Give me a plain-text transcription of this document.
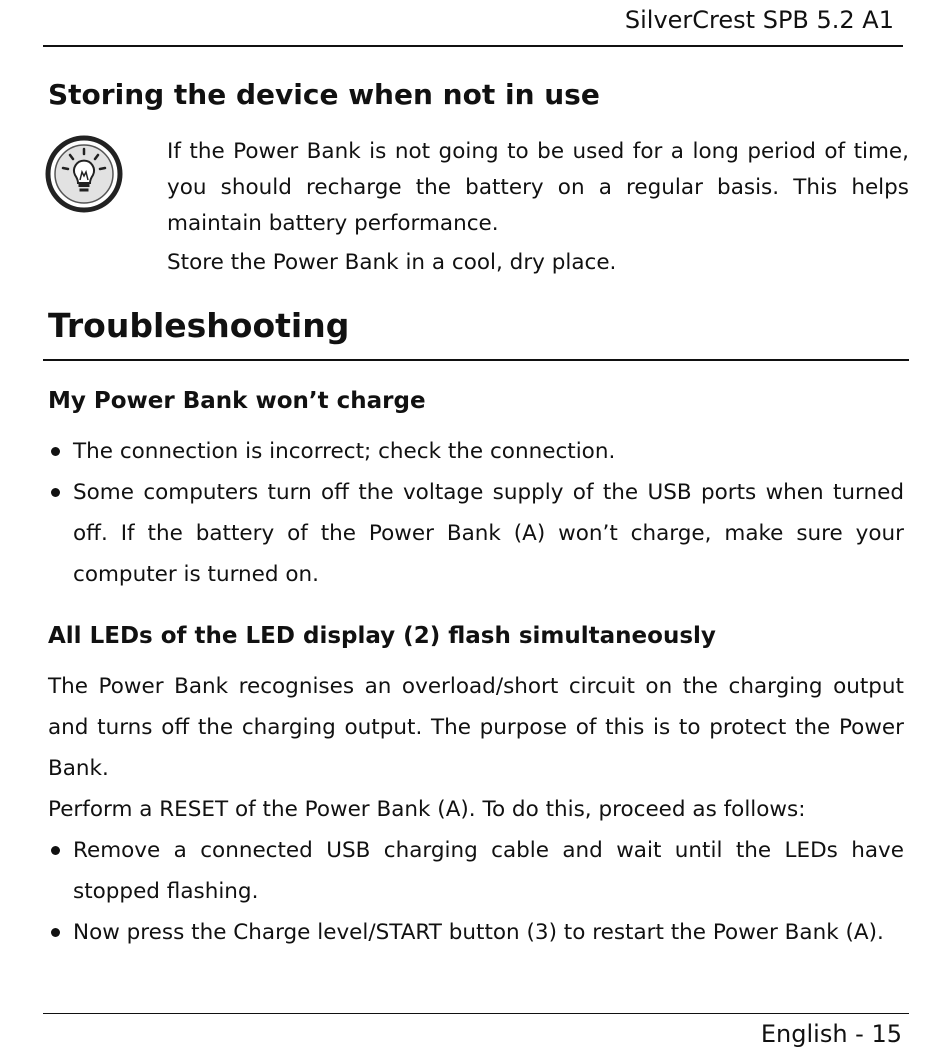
SilverCrest SPB 5.2 A1
Storing the device when not in use

If the Power Bank is not going to be used for a long period of time, you should recharge the battery on a regular basis. This helps maintain battery performance.

Store the Power Bank in a cool, dry place.

Troubleshooting
My Power Bank won’t charge
The connection is incorrect; check the connection.
Some computers turn off the voltage supply of the USB ports when turned off. If the battery of the Power Bank (A) won’t charge, make sure your computer is turned on.
All LEDs of the LED display (2) flash simultaneously

The Power Bank recognises an overload/short circuit on the charging output and turns off the charging output. The purpose of this is to protect the Power Bank.

Perform a RESET of the Power Bank (A). To do this, proceed as follows:

Remove a connected USB charging cable and wait until the LEDs have stopped flashing.
Now press the Charge level/START button (3) to restart the Power Bank (A).
English - 15
